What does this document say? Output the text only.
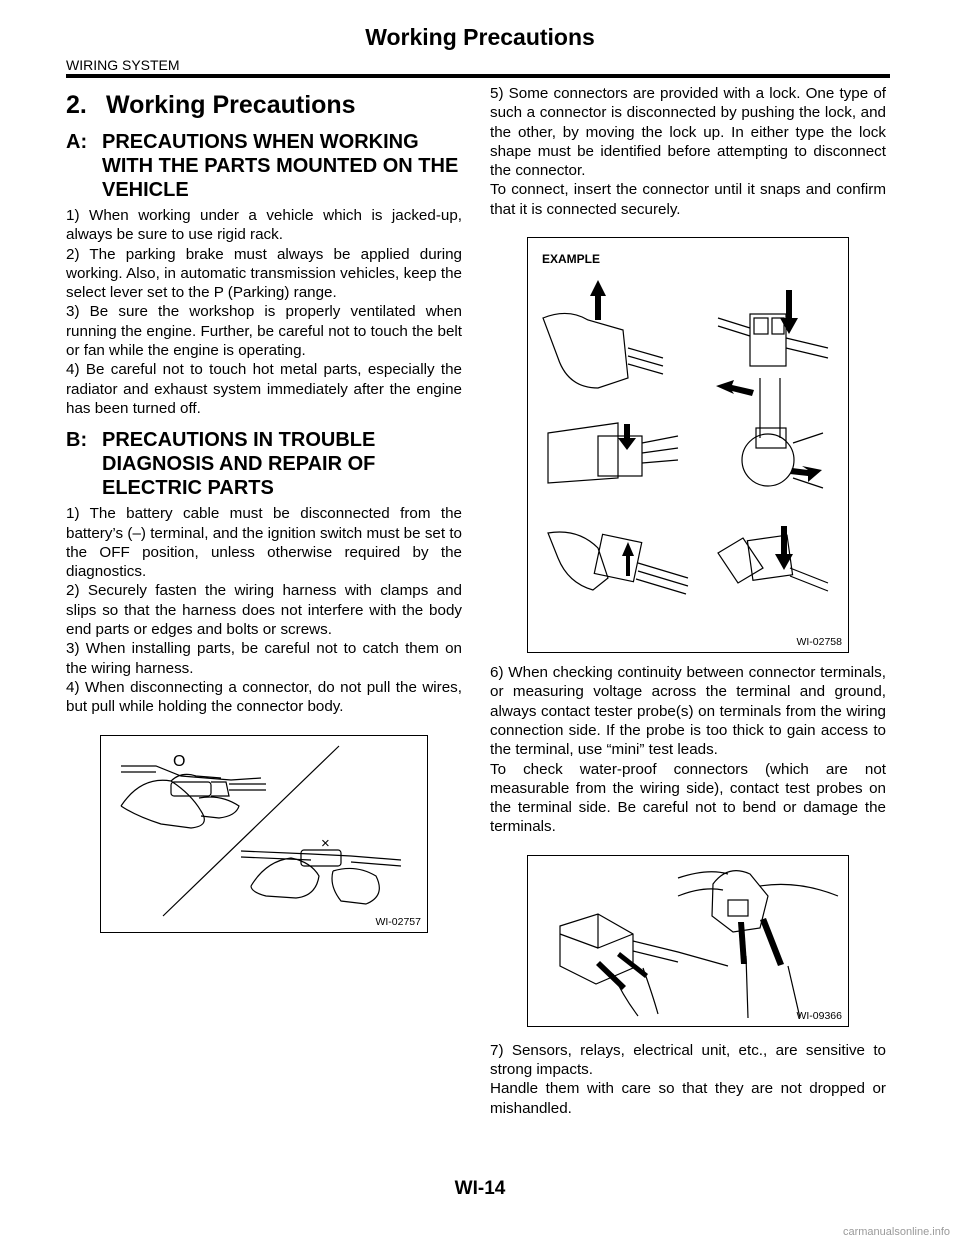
Working Precautions
WIRING SYSTEM
2. Working Precautions
A: PRECAUTIONS WHEN WORKING WITH THE PARTS MOUNTED ON THE VEHICLE

1) When working under a vehicle which is jacked-up, always be sure to use rigid rack.

2) The parking brake must always be applied during working. Also, in automatic transmission vehicles, keep the select lever set to the P (Parking) range.

3) Be sure the workshop is properly ventilated when running the engine. Further, be careful not to touch the belt or fan while the engine is operating.

4) Be careful not to touch hot metal parts, especially the radiator and exhaust system immediately after the engine has been turned off.

B: PRECAUTIONS IN TROUBLE DIAGNOSIS AND REPAIR OF ELECTRIC PARTS

1) The battery cable must be disconnected from the battery’s (–) terminal, and the ignition switch must be set to the OFF position, unless otherwise required by the diagnostics.

2) Securely fasten the wiring harness with clamps and slips so that the harness does not interfere with the body end parts or edges and bolts or screws.

3) When installing parts, be careful not to catch them on the wiring harness.

4) When disconnecting a connector, do not pull the wires, but pull while holding the connector body.

O
×
WI-02757

5) Some connectors are provided with a lock. One type of such a connector is disconnected by pushing the lock, and the other, by moving the lock up. In either type the lock shape must be identified before attempting to disconnect the connector.

To connect, insert the connector until it snaps and confirm that it is connected securely.

EXAMPLE
WI-02758

6) When checking continuity between connector terminals, or measuring voltage across the terminal and ground, always contact tester probe(s) on terminals from the wiring connection side. If the probe is too thick to gain access to the terminal, use “mini” test leads.

To check water-proof connectors (which are not measurable from the wiring side), contact test probes on the terminal side. Be careful not to bend or damage the terminals.

WI-09366

7) Sensors, relays, electrical unit, etc., are sensitive to strong impacts.

Handle them with care so that they are not dropped or mishandled.

WI-14
carmanualsonline.info
